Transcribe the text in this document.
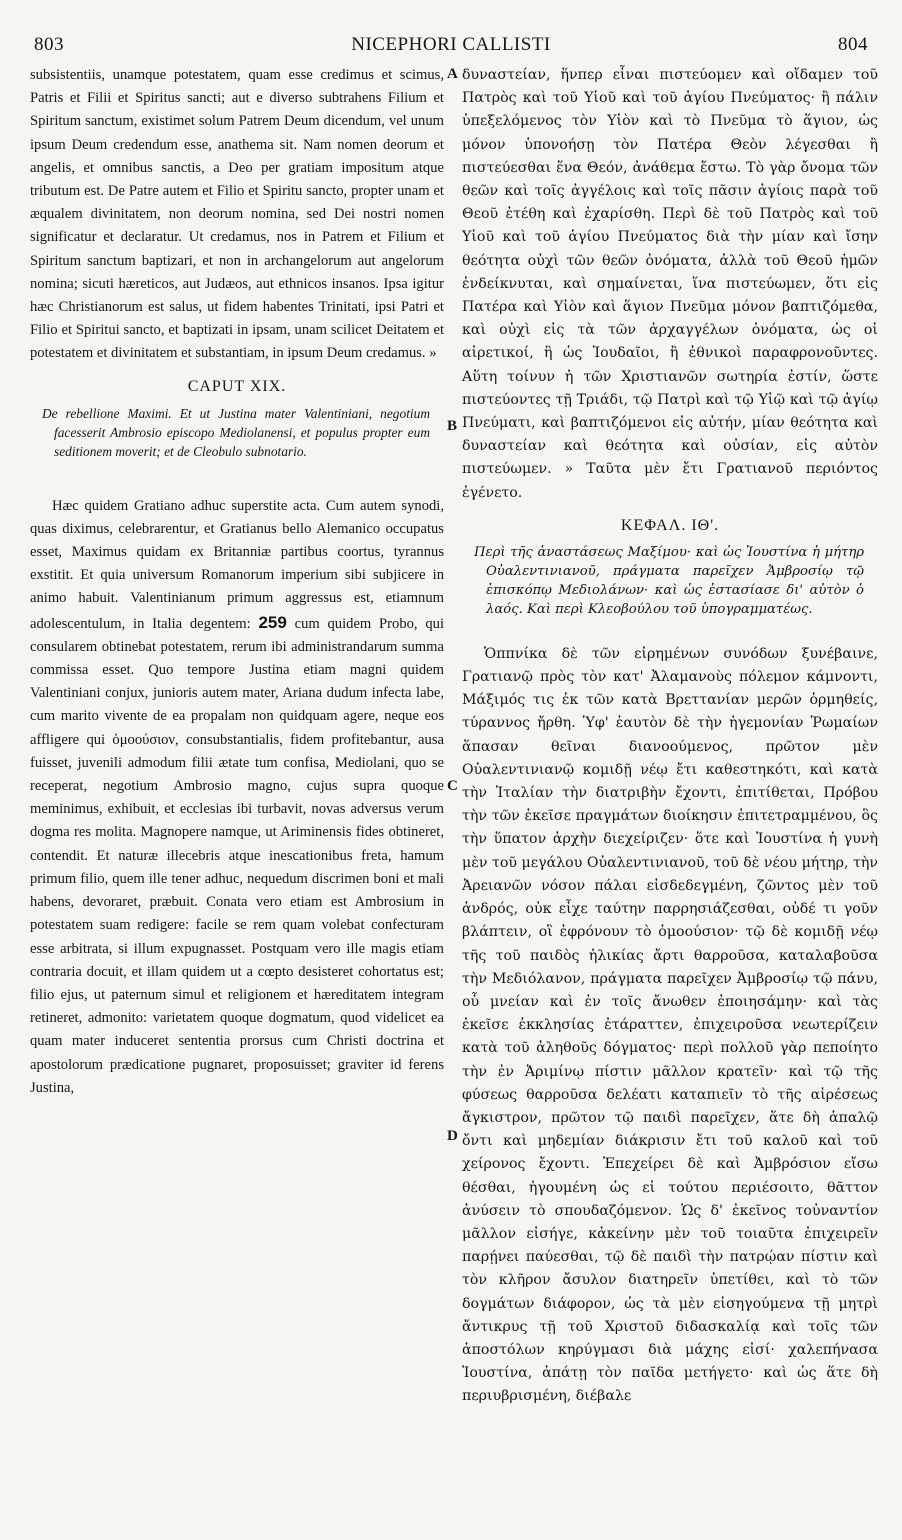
803	NICEPHORI CALLISTI	804

subsistentiis, unamque potestatem, quam esse credimus et scimus, Patris et Filii et Spiritus sancti; aut e diverso subtrahens Filium et Spiritum sanctum, existimet solum Patrem Deum dicendum, vel unum ipsum Deum credendum esse, anathema sit. Nam nomen deorum et angelis, et omnibus sanctis, a Deo per gratiam impositum atque tributum est. De Patre autem et Filio et Spiritu sancto, propter unam et æqualem divinitatem, non deorum nomina, sed Dei nostri nomen significatur et declaratur. Ut credamus, nos in Patrem et Filium et Spiritum sanctum baptizari, et non in archangelorum aut angelorum nomina; sicuti hæreticos, aut Judæos, aut ethnicos insanos. Ipsa igitur hæc Christianorum est salus, ut fidem habentes Trinitati, ipsi Patri et Filio et Spiritui sancto, et baptizati in ipsam, unam scilicet Deitatem et potestatem et divinitatem et substantiam, in ipsum Deum credamus. »

CAPUT XIX.

De rebellione Maximi. Et ut Justina mater Valentiniani, negotium facesserit Ambrosio episcopo Mediolanensi, et populus propter eum seditionem moverit; et de Cleobulo subnotario.

Hæc quidem Gratiano adhuc superstite acta. Cum autem synodi, quas diximus, celebrarentur, et Gratianus bello Alemanico occupatus esset, Maximus quidam ex Britanniæ partibus coortus, tyrannus exstitit. Et quia universum Romanorum imperium sibi subjicere in animo habuit. Valentinianum primum aggressus est, etiamnum adolescentulum, in Italia degentem: 259 cum quidem Probo, qui consularem obtinebat potestatem, rerum ibi administrandarum summa commissa esset. Quo tempore Justina etiam magni quidem Valentiniani conjux, junioris autem mater, Ariana dudum infecta labe, cum marito vivente de ea propalam non quidquam agere, neque eos affligere qui ὁμοούσιον, consubstantialis, fidem profitebantur, ausa fuisset, juvenili admodum filii ætate tum confisa, Mediolani, quo se receperat, negotium Ambrosio magno, cujus supra quoque meminimus, exhibuit, et ecclesias ibi turbavit, novas adversus verum dogma res molita. Magnopere namque, ut Ariminensis fides obtineret, contendit. Et naturæ illecebris atque inescationibus freta, hamum primum filio, quem ille tener adhuc, nequedum discrimen boni et mali habens, devoraret, præbuit. Conata vero etiam est Ambrosium in potestatem suam redigere: facile se rem quam volebat confecturam esse arbitrata, si illum expugnasset. Postquam vero ille magis etiam contraria docuit, et illam quidem ut a cœpto desisteret cohortatus est; filio ejus, ut paternum simul et religionem et hæreditatem integram retineret, admonito: varietatem quoque dogmatum, quod videlicet ea quam mater induceret sententia prorsus cum Christi doctrina et apostolorum prædicatione pugnaret, proposuisset; graviter id ferens Justina,

δυναστείαν, ἥνπερ εἶναι πιστεύομεν καὶ οἴδαμεν τοῦ Πατρὸς καὶ τοῦ Υἱοῦ καὶ τοῦ ἁγίου Πνεύματος· ἢ πάλιν ὑπεξελόμενος τὸν Υἱὸν καὶ τὸ Πνεῦμα τὸ ἅγιον, ὡς μόνον ὑπονοήσῃ τὸν Πατέρα Θεὸν λέγεσθαι ἢ πιστεύεσθαι ἕνα Θεόν, ἀνάθεμα ἔστω. Τὸ γὰρ ὄνομα τῶν θεῶν καὶ τοῖς ἀγγέλοις καὶ τοῖς πᾶσιν ἁγίοις παρὰ τοῦ Θεοῦ ἐτέθη καὶ ἐχαρίσθη. Περὶ δὲ τοῦ Πατρὸς καὶ τοῦ Υἱοῦ καὶ τοῦ ἁγίου Πνεύματος διὰ τὴν μίαν καὶ ἴσην θεότητα οὐχὶ τῶν θεῶν ὀνόματα, ἀλλὰ τοῦ Θεοῦ ἡμῶν ἐνδείκνυται, καὶ σημαίνεται, ἵνα πιστεύωμεν, ὅτι εἰς Πατέρα καὶ Υἱὸν καὶ ἅγιον Πνεῦμα μόνον βαπτιζόμεθα, καὶ οὐχὶ εἰς τὰ τῶν ἀρχαγγέλων ὀνόματα, ὡς οἱ αἱρετικοί, ἢ ὡς Ἰουδαῖοι, ἢ ἐθνικοὶ παραφρονοῦντες. Αὕτη τοίνυν ἡ τῶν Χριστιανῶν σωτηρία ἐστίν, ὥστε πιστεύοντες τῇ Τριάδι, τῷ Πατρὶ καὶ τῷ Υἱῷ καὶ τῷ ἁγίῳ Πνεύματι, καὶ βαπτιζόμενοι εἰς αὐτήν, μίαν θεότητα καὶ δυναστείαν καὶ θεότητα καὶ οὐσίαν, εἰς αὐτὸν πιστεύωμεν. » Ταῦτα μὲν ἔτι Γρατιανοῦ περιόντος ἐγένετο.

ΚΕΦΑΛ. ΙΘ'.

Περὶ τῆς ἀναστάσεως Μαξίμου· καὶ ὡς Ἰουστίνα ἡ μήτηρ Οὐαλεντινιανοῦ, πράγματα παρεῖχεν Ἀμβροσίῳ τῷ ἐπισκόπῳ Μεδιολάνων· καὶ ὡς ἐστασίασε δι' αὐτὸν ὁ λαός. Καὶ περὶ Κλεοβούλου τοῦ ὑπογραμματέως.

Ὁππνίκα δὲ τῶν εἰρημένων συνόδων ξυνέβαινε, Γρατιανῷ πρὸς τὸν κατ' Ἀλαμανοὺς πόλεμον κάμνοντι, Μάξιμός τις ἐκ τῶν κατὰ Βρεττανίαν μερῶν ὁρμηθείς, τύραννος ἤρθη. Ὑφ' ἑαυτὸν δὲ τὴν ἡγεμονίαν Ῥωμαίων ἅπασαν θεῖναι διανοούμενος, πρῶτον μὲν Οὐαλεντινιανῷ κομιδῇ νέῳ ἔτι καθεστηκότι, καὶ κατὰ τὴν Ἰταλίαν τὴν διατριβὴν ἔχοντι, ἐπιτίθεται, Πρόβου τὴν τῶν ἐκεῖσε πραγμάτων διοίκησιν ἐπιτετραμμένου, ὃς τὴν ὕπατον ἀρχὴν διεχείριζεν· ὅτε καὶ Ἰουστίνα ἡ γυνὴ μὲν τοῦ μεγάλου Οὐαλεντινιανοῦ, τοῦ δὲ νέου μήτηρ, τὴν Ἀρειανῶν νόσον πάλαι εἰσδεδεγμένη, ζῶντος μὲν τοῦ ἀνδρός, οὐκ εἶχε ταύτην παρρησιάζεσθαι, οὐδέ τι γοῦν βλάπτειν, οἳ ἐφρόνουν τὸ ὁμοούσιον· τῷ δὲ κομιδῇ νέῳ τῆς τοῦ παιδὸς ἡλικίας ἄρτι θαρροῦσα, καταλαβοῦσα τὴν Μεδιόλανον, πράγματα παρεῖχεν Ἀμβροσίῳ τῷ πάνυ, οὗ μνείαν καὶ ἐν τοῖς ἄνωθεν ἐποιησάμην· καὶ τὰς ἐκεῖσε ἐκκλησίας ἐτάραττεν, ἐπιχειροῦσα νεωτερίζειν κατὰ τοῦ ἀληθοῦς δόγματος· περὶ πολλοῦ γὰρ πεποίητο τὴν ἐν Ἀριμίνῳ πίστιν μᾶλλον κρατεῖν· καὶ τῷ τῆς φύσεως θαρροῦσα δελέατι καταπιεῖν τὸ τῆς αἱρέσεως ἄγκιστρον, πρῶτον τῷ παιδὶ παρεῖχεν, ἅτε δὴ ἁπαλῷ ὄντι καὶ μηδεμίαν διάκρισιν ἔτι τοῦ καλοῦ καὶ τοῦ χείρονος ἔχοντι. Ἐπεχείρει δὲ καὶ Ἀμβρόσιον εἴσω θέσθαι, ἡγουμένη ὡς εἰ τούτου περιέσοιτο, θᾶττον ἀνύσειν τὸ σπουδαζόμενον. Ὡς δ' ἐκεῖνος τοὐναντίον μᾶλλον εἰσήγε, κἀκείνην μὲν τοῦ τοιαῦτα ἐπιχειρεῖν παρῄνει παύεσθαι, τῷ δὲ παιδὶ τὴν πατρῴαν πίστιν καὶ τὸν κλῆρον ἄσυλον διατηρεῖν ὑπετίθει, καὶ τὸ τῶν δογμάτων διάφορον, ὡς τὰ μὲν εἰσηγούμενα τῇ μητρὶ ἄντικρυς τῇ τοῦ Χριστοῦ διδασκαλίᾳ καὶ τοῖς τῶν ἀποστόλων κηρύγμασι διὰ μάχης εἰσί· χαλεπήνασα Ἰουστίνα, ἀπάτῃ τὸν παῖδα μετήγετο· καὶ ὡς ἅτε δὴ περιυβρισμένη, διέβαλε

A
B
C
D
